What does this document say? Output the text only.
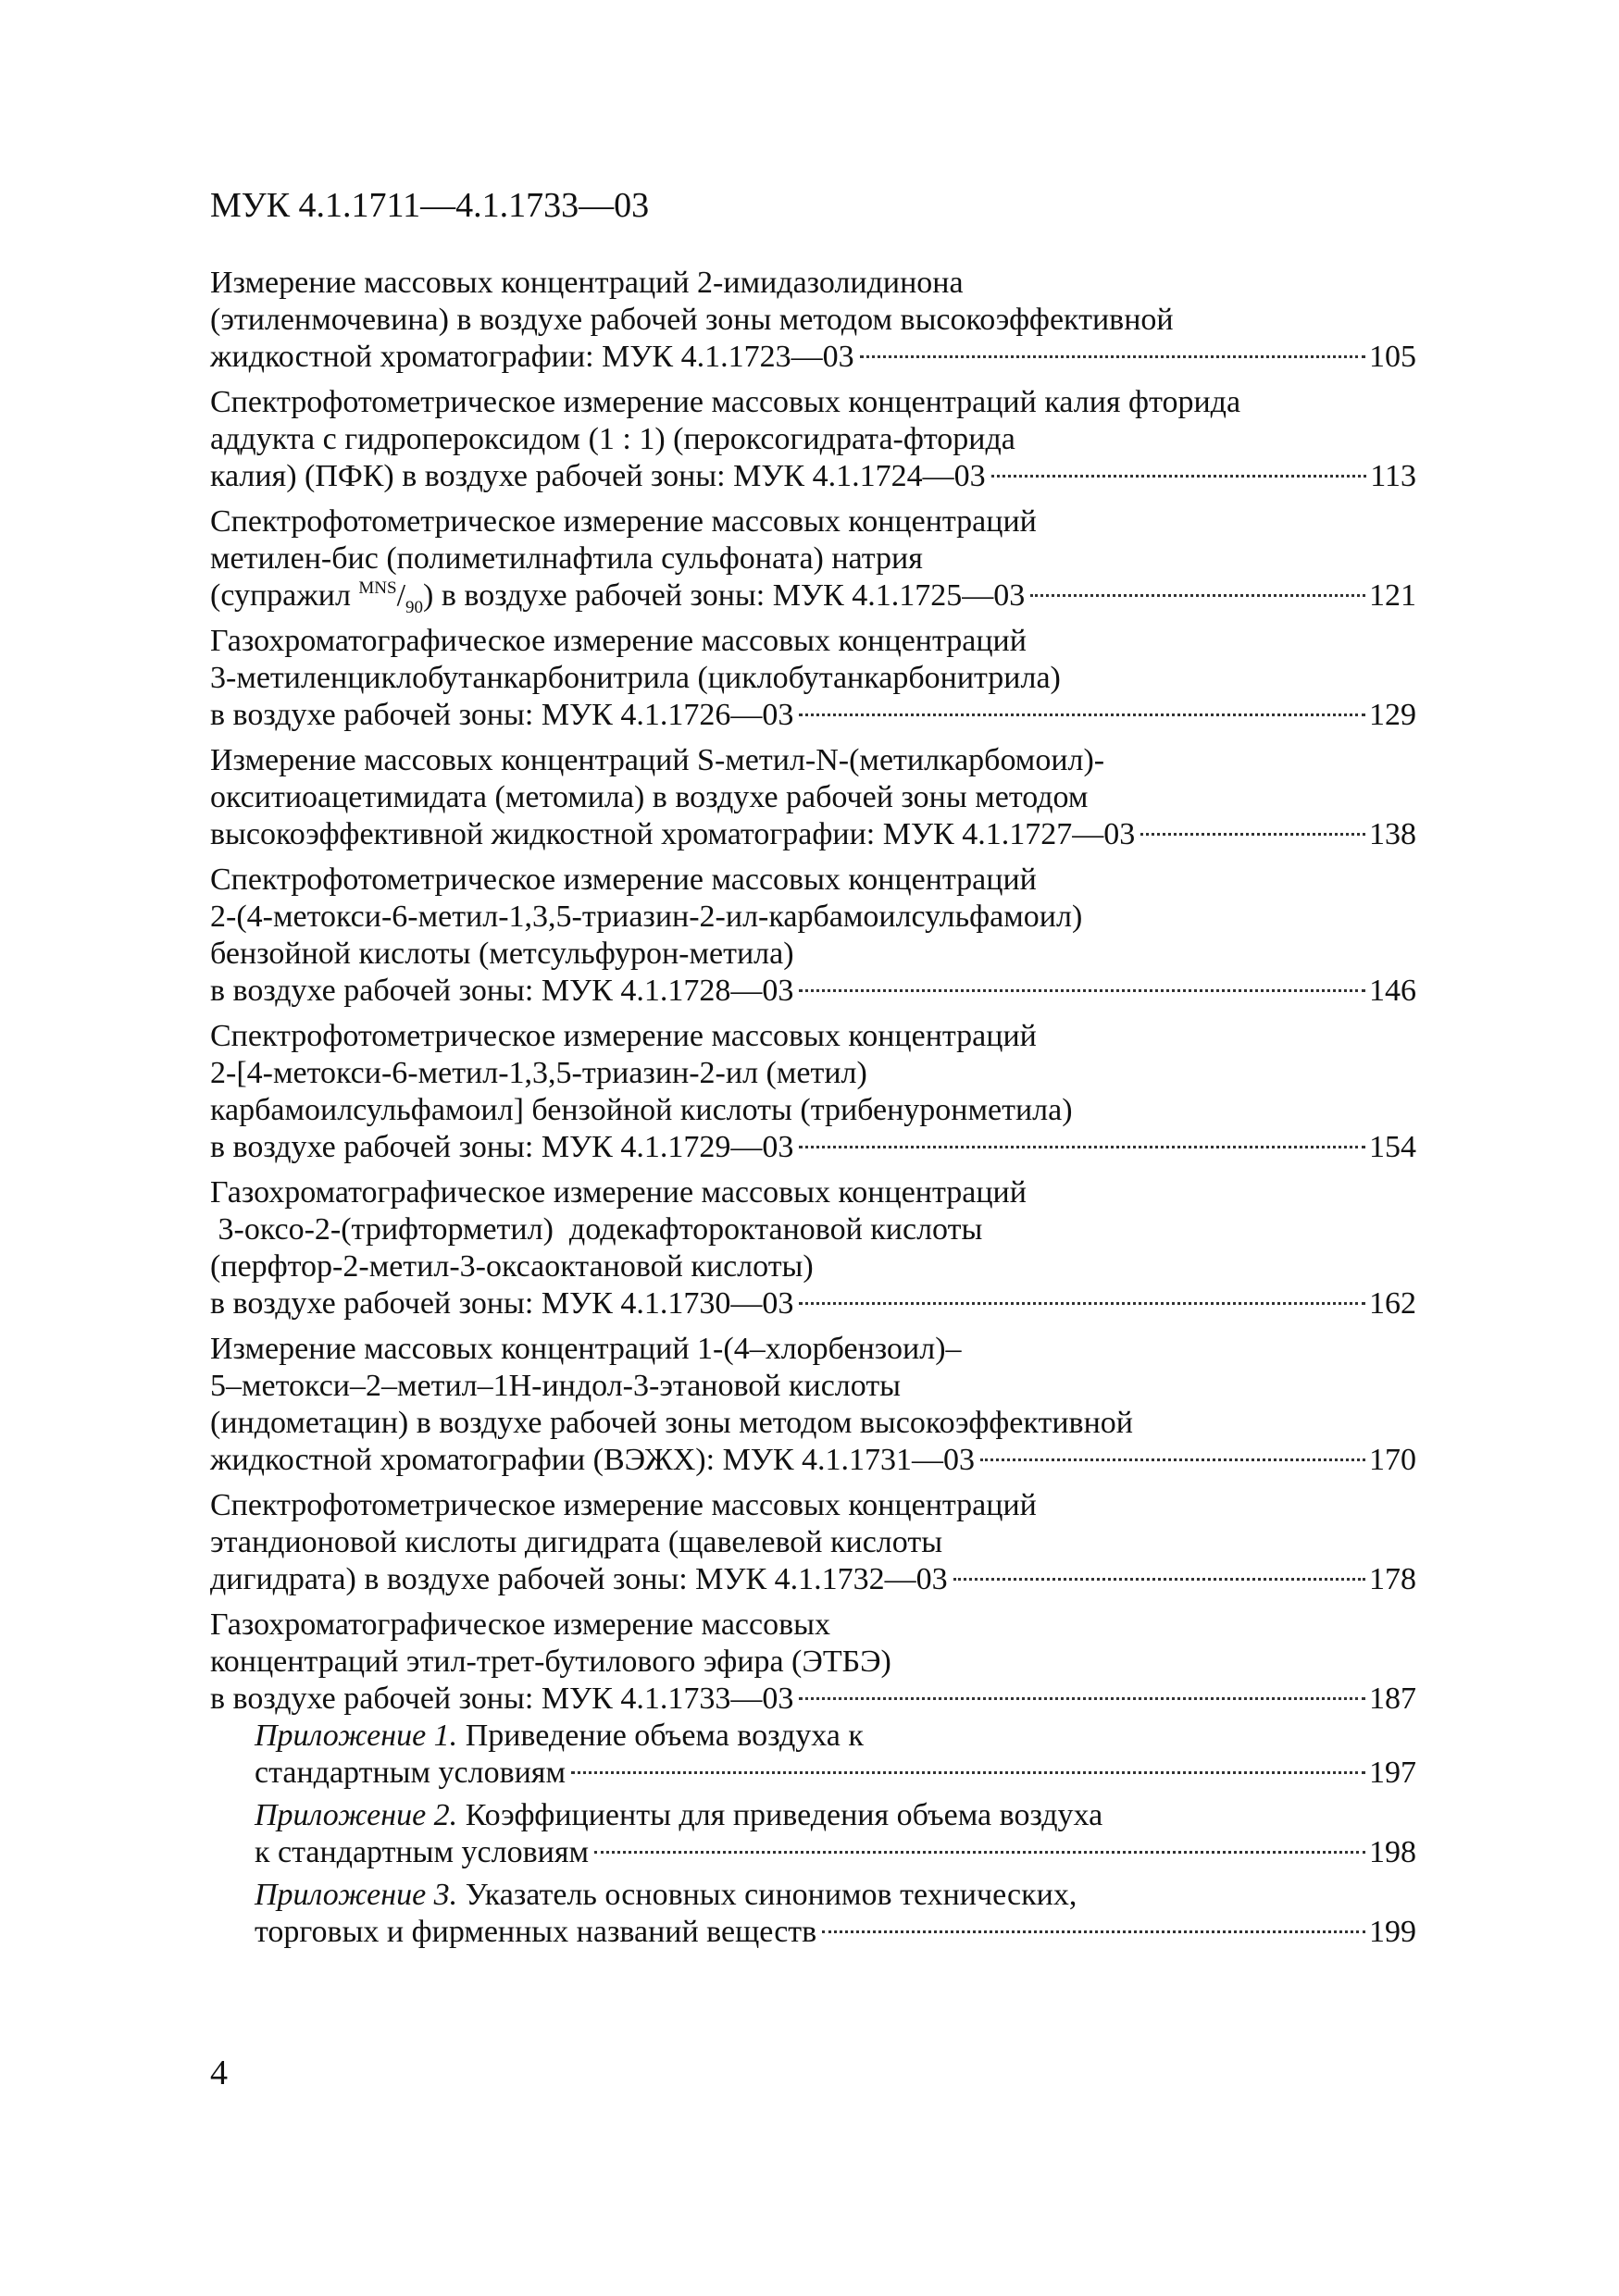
МУК 4.1.1711—4.1.1733—03
Измерение массовых концентраций 2-имидазолидинона
(этиленмочевина) в воздухе рабочей зоны методом высокоэффективной
жидкостной хроматографии: МУК 4.1.1723—03	105
Спектрофотометрическое измерение массовых концентраций калия фторида
аддукта с гидропероксидом (1 : 1) (пероксогидрата-фторида
калия) (ПФК) в воздухе рабочей зоны: МУК 4.1.1724—03	113
Спектрофотометрическое измерение массовых концентраций
метилен-бис (полиметилнафтила сульфоната) натрия
(супражил $^{MNS}/_{90}$) в воздухе рабочей зоны: МУК 4.1.1725—03	121
Газохроматографическое измерение массовых концентраций
3-метиленциклобутанкарбонитрила (циклобутанкарбонитрила)
в воздухе рабочей зоны: МУК 4.1.1726—03	129
Измерение массовых концентраций S-метил-N-(метилкарбомоил)-
окситиоацетимидата (метомила) в воздухе рабочей зоны методом
высокоэффективной жидкостной хроматографии: МУК 4.1.1727—03	138
Спектрофотометрическое измерение массовых концентраций
2-(4-метокси-6-метил-1,3,5-триазин-2-ил-карбамоилсульфамоил)
бензойной кислоты (метсульфурон-метила)
в воздухе рабочей зоны: МУК 4.1.1728—03	146
Спектрофотометрическое измерение массовых концентраций
2-[4-метокси-6-метил-1,3,5-триазин-2-ил (метил)
карбамоилсульфамоил] бензойной кислоты (трибенуронметила)
в воздухе рабочей зоны: МУК 4.1.1729—03	154
Газохроматографическое измерение массовых концентраций
3-оксо-2-(трифторметил)  додекафтороктановой кислоты
(перфтор-2-метил-3-оксаоктановой кислоты)
в воздухе рабочей зоны: МУК 4.1.1730—03	162
Измерение массовых концентраций 1-(4–хлорбензоил)–
5–метокси–2–метил–1Н-индол-3-этановой кислоты
(индометацин) в воздухе рабочей зоны методом высокоэффективной
жидкостной хроматографии (ВЭЖХ): МУК 4.1.1731—03	170
Спектрофотометрическое измерение массовых концентраций
этандионовой кислоты дигидрата (щавелевой кислоты
дигидрата) в воздухе рабочей зоны: МУК 4.1.1732—03	178
Газохроматографическое измерение массовых
концентраций этил-трет-бутилового эфира (ЭТБЭ)
в воздухе рабочей зоны: МУК 4.1.1733—03	187
Приложение 1. Приведение объема воздуха к
стандартным условиям	197
Приложение 2. Коэффициенты для приведения объема воздуха
к стандартным условиям	198
Приложение 3. Указатель основных синонимов технических,
торговых и фирменных названий веществ	199
4
